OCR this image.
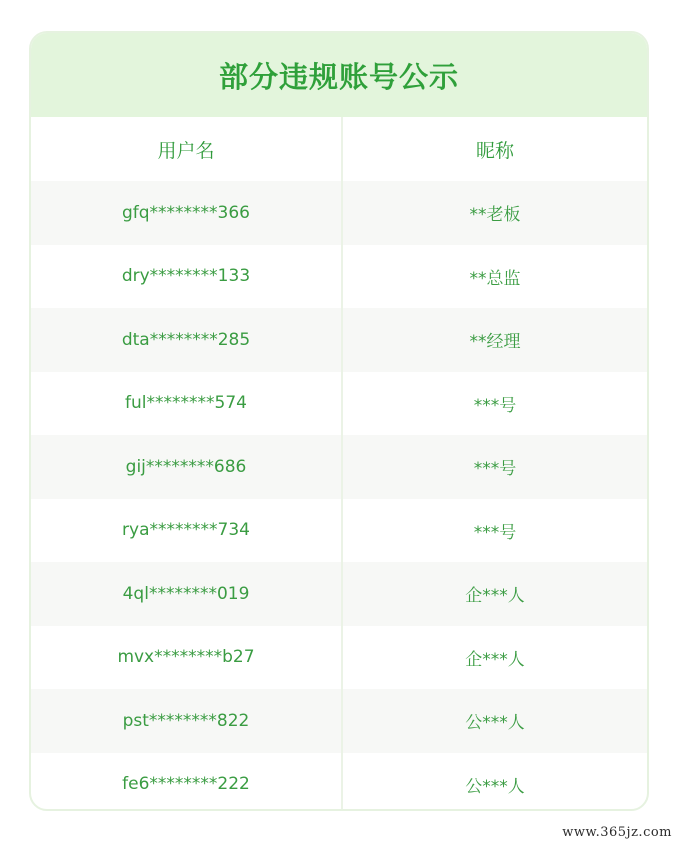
部分违规账号公示
用户名	昵称
gfq********366	**老板
dry********133	**总监
dta********285	**经理
ful********574	***号
gij********686	***号
rya********734	***号
4ql********019	企***人
mvx********b27	企***人
pst********822	公***人
fe6********222	公***人
www.365jz.com
